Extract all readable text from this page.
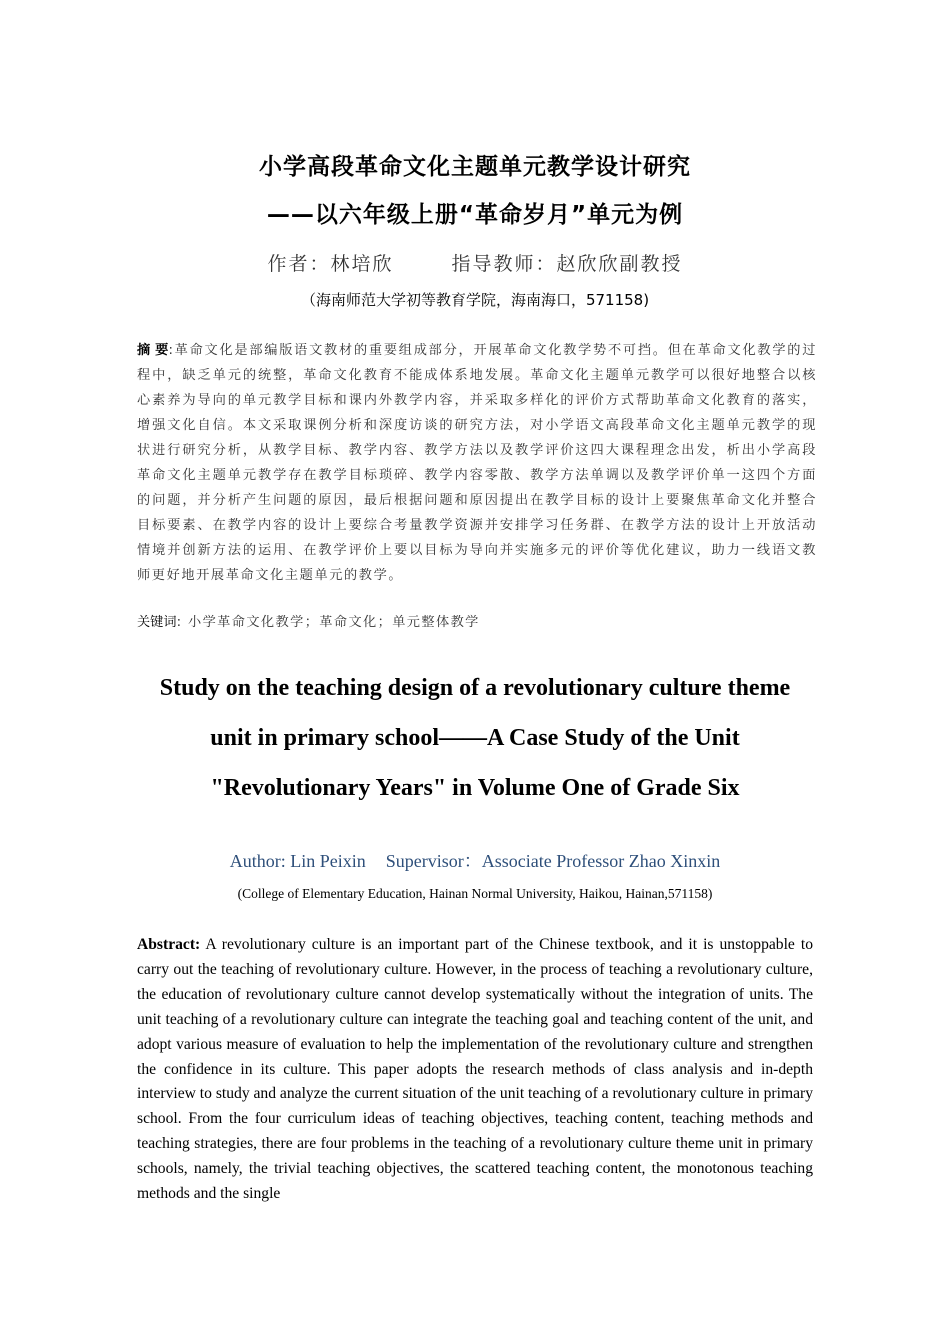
小学高段革命文化主题单元教学设计研究
——以六年级上册“革命岁月”单元为例
作者：林培欣	指导教师：赵欣欣副教授
（海南师范大学初等教育学院，海南海口，571158)
摘 要:革命文化是部编版语文教材的重要组成部分，开展革命文化教学势不可挡。但在革命文化教学的过程中，缺乏单元的统整，革命文化教育不能成体系地发展。革命文化主题单元教学可以很好地整合以核心素养为导向的单元教学目标和课内外教学内容，并采取多样化的评价方式帮助革命文化教育的落实，增强文化自信。本文采取课例分析和深度访谈的研究方法，对小学语文高段革命文化主题单元教学的现状进行研究分析，从教学目标、教学内容、教学方法以及教学评价这四大课程理念出发，析出小学高段革命文化主题单元教学存在教学目标琐碎、教学内容零散、教学方法单调以及教学评价单一这四个方面的问题，并分析产生问题的原因，最后根据问题和原因提出在教学目标的设计上要聚焦革命文化并整合目标要素、在教学内容的设计上要综合考量教学资源并安排学习任务群、在教学方法的设计上开放活动情境并创新方法的运用、在教学评价上要以目标为导向并实施多元的评价等优化建议，助力一线语文教师更好地开展革命文化主题单元的教学。
关键词: 小学革命文化教学；革命文化；单元整体教学
Study on the teaching design of a revolutionary culture theme
unit in primary school——A Case Study of the Unit
"Revolutionary Years" in Volume One of Grade Six
Author: Lin Peixin Supervisor：Associate Professor Zhao Xinxin
(College of Elementary Education, Hainan Normal University, Haikou, Hainan,571158)
Abstract: A revolutionary culture is an important part of the Chinese textbook, and it is unstoppable to carry out the teaching of revolutionary culture. However, in the process of teaching a revolutionary culture, the education of revolutionary culture cannot develop systematically without the integration of units. The unit teaching of a revolutionary culture can integrate the teaching goal and teaching content of the unit, and adopt various measure of evaluation to help the implementation of the revolutionary culture and strengthen the confidence in its culture. This paper adopts the research methods of class analysis and in-depth interview to study and analyze the current situation of the unit teaching of a revolutionary culture in primary school. From the four curriculum ideas of teaching objectives, teaching content, teaching methods and teaching strategies, there are four problems in the teaching of a revolutionary culture theme unit in primary schools, namely, the trivial teaching objectives, the scattered teaching content, the monotonous teaching methods and the single
